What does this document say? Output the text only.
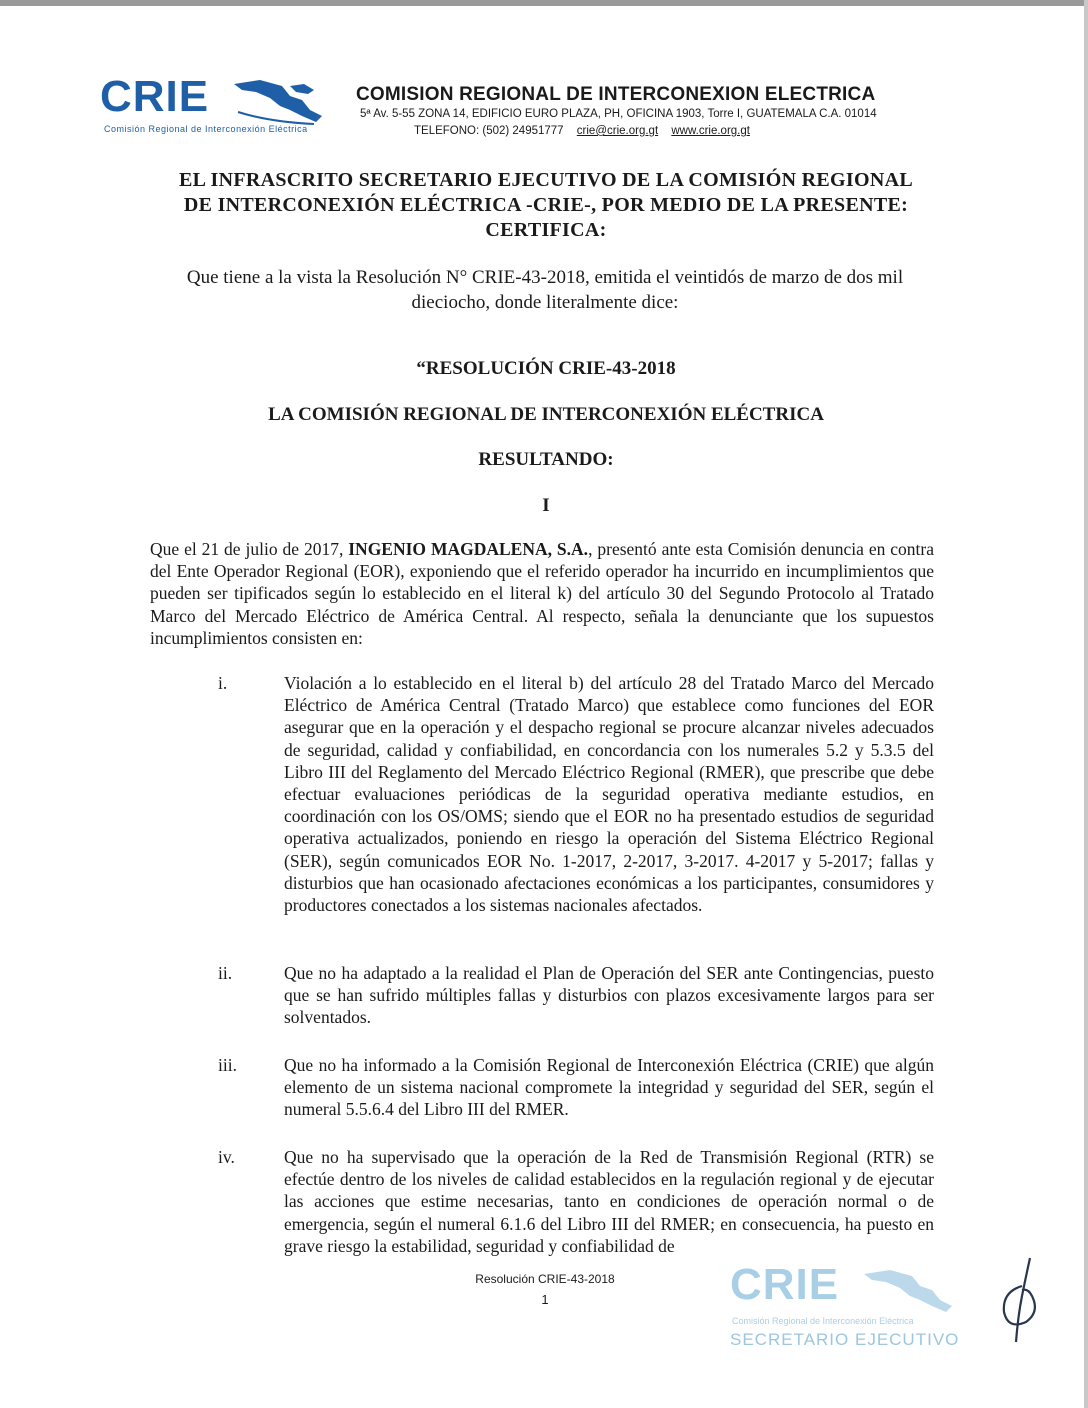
CRIE
Comisión Regional de Interconexión Eléctrica
COMISION REGIONAL DE INTERCONEXION ELECTRICA
5ª Av. 5-55 ZONA 14, EDIFICIO EURO PLAZA, PH, OFICINA 1903, Torre I, GUATEMALA C.A. 01014
TELEFONO: (502) 24951777 crie@crie.org.gt www.crie.org.gt
EL INFRASCRITO SECRETARIO EJECUTIVO DE LA COMISIÓN REGIONAL
DE INTERCONEXIÓN ELÉCTRICA -CRIE-, POR MEDIO DE LA PRESENTE:
CERTIFICA:
Que tiene a la vista la Resolución N° CRIE-43-2018, emitida el veintidós de marzo de dos mil dieciocho, donde literalmente dice:
“RESOLUCIÓN CRIE-43-2018
LA COMISIÓN REGIONAL DE INTERCONEXIÓN ELÉCTRICA
RESULTANDO:
I
Que el 21 de julio de 2017, INGENIO MAGDALENA, S.A., presentó ante esta Comisión denuncia en contra del Ente Operador Regional (EOR), exponiendo que el referido operador ha incurrido en incumplimientos que pueden ser tipificados según lo establecido en el literal k) del artículo 30 del Segundo Protocolo al Tratado Marco del Mercado Eléctrico de América Central. Al respecto, señala la denunciante que los supuestos incumplimientos consisten en:
i.	Violación a lo establecido en el literal b) del artículo 28 del Tratado Marco del Mercado Eléctrico de América Central (Tratado Marco) que establece como funciones del EOR asegurar que en la operación y el despacho regional se procure alcanzar niveles adecuados de seguridad, calidad y confiabilidad, en concordancia con los numerales 5.2 y 5.3.5 del Libro III del Reglamento del Mercado Eléctrico Regional (RMER), que prescribe que debe efectuar evaluaciones periódicas de la seguridad operativa mediante estudios, en coordinación con los OS/OMS; siendo que el EOR no ha presentado estudios de seguridad operativa actualizados, poniendo en riesgo la operación del Sistema Eléctrico Regional (SER), según comunicados EOR No. 1-2017, 2-2017, 3-2017. 4-2017 y 5-2017; fallas y disturbios que han ocasionado afectaciones económicas a los participantes, consumidores y productores conectados a los sistemas nacionales afectados.
ii.	Que no ha adaptado a la realidad el Plan de Operación del SER ante Contingencias, puesto que se han sufrido múltiples fallas y disturbios con plazos excesivamente largos para ser solventados.
iii.	Que no ha informado a la Comisión Regional de Interconexión Eléctrica (CRIE) que algún elemento de un sistema nacional compromete la integridad y seguridad del SER, según el numeral 5.5.6.4 del Libro III del RMER.
iv.	Que no ha supervisado que la operación de la Red de Transmisión Regional (RTR) se efectúe dentro de los niveles de calidad establecidos en la regulación regional y de ejecutar las acciones que estime necesarias, tanto en condiciones de operación normal o de emergencia, según el numeral 6.1.6 del Libro III del RMER; en consecuencia, ha puesto en grave riesgo la estabilidad, seguridad y confiabilidad de
Resolución CRIE-43-2018
1	CRIE
Comisión Regional de Interconexión Eléctrica
SECRETARIO EJECUTIVO
